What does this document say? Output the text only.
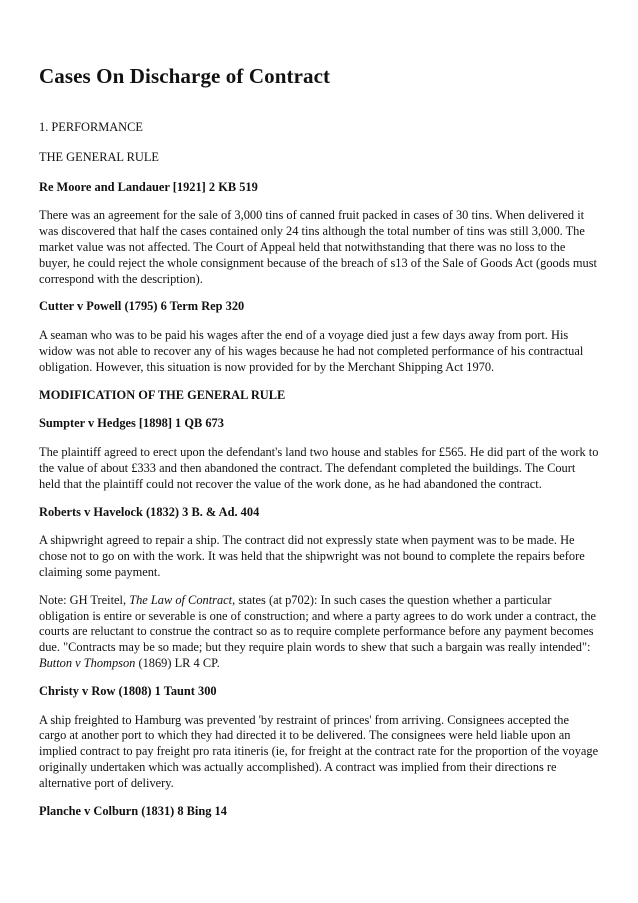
Cases On Discharge of Contract

1. PERFORMANCE

THE GENERAL RULE

Re Moore and Landauer [1921] 2 KB 519

There was an agreement for the sale of 3,000 tins of canned fruit packed in cases of 30 tins. When delivered it was discovered that half the cases contained only 24 tins although the total number of tins was still 3,000. The market value was not affected. The Court of Appeal held that notwithstanding that there was no loss to the buyer, he could reject the whole consignment because of the breach of s13 of the Sale of Goods Act (goods must correspond with the description).

Cutter v Powell (1795) 6 Term Rep 320

A seaman who was to be paid his wages after the end of a voyage died just a few days away from port. His widow was not able to recover any of his wages because he had not completed performance of his contractual obligation. However, this situation is now provided for by the Merchant Shipping Act 1970.

MODIFICATION OF THE GENERAL RULE

Sumpter v Hedges [1898] 1 QB 673

The plaintiff agreed to erect upon the defendant's land two house and stables for £565. He did part of the work to the value of about £333 and then abandoned the contract. The defendant completed the buildings. The Court held that the plaintiff could not recover the value of the work done, as he had abandoned the contract.

Roberts v Havelock (1832) 3 B. & Ad. 404

A shipwright agreed to repair a ship. The contract did not expressly state when payment was to be made. He chose not to go on with the work. It was held that the shipwright was not bound to complete the repairs before claiming some payment.

Note: GH Treitel, The Law of Contract, states (at p702): In such cases the question whether a particular obligation is entire or severable is one of construction; and where a party agrees to do work under a contract, the courts are reluctant to construe the contract so as to require complete performance before any payment becomes due. "Contracts may be so made; but they require plain words to shew that such a bargain was really intended": Button v Thompson (1869) LR 4 CP.

Christy v Row (1808) 1 Taunt 300

A ship freighted to Hamburg was prevented 'by restraint of princes' from arriving. Consignees accepted the cargo at another port to which they had directed it to be delivered. The consignees were held liable upon an implied contract to pay freight pro rata itineris (ie, for freight at the contract rate for the proportion of the voyage originally undertaken which was actually accomplished). A contract was implied from their directions re alternative port of delivery.

Planche v Colburn (1831) 8 Bing 14
